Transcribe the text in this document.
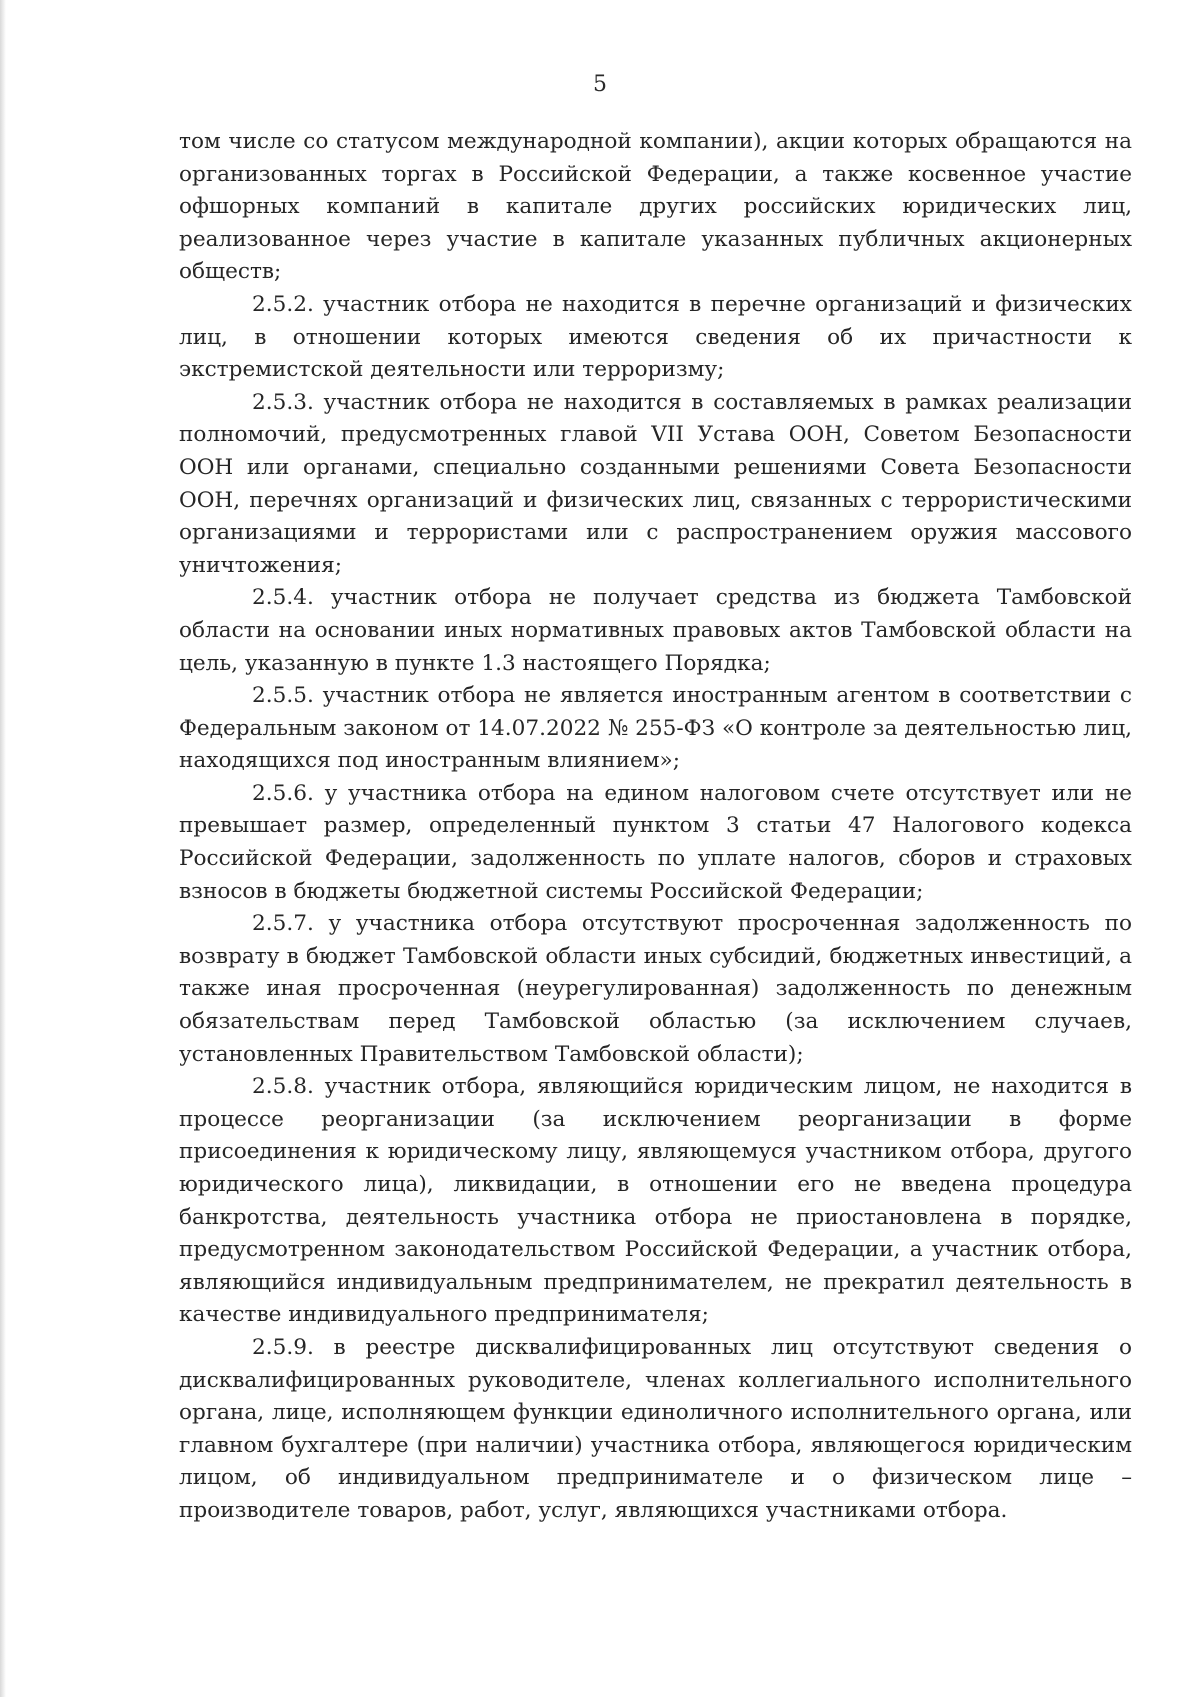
5

том числе со статусом международной компании), акции которых обращаются на организованных торгах в Российской Федерации, а также косвенное участие офшорных компаний в капитале других российских юридических лиц, реализованное через участие в капитале указанных публичных акционерных обществ;

2.5.2. участник отбора не находится в перечне организаций и физических лиц, в отношении которых имеются сведения об их причастности к экстремистской деятельности или терроризму;

2.5.3. участник отбора не находится в составляемых в рамках реализации полномочий, предусмотренных главой VII Устава ООН, Советом Безопасности ООН или органами, специально созданными решениями Совета Безопасности ООН, перечнях организаций и физических лиц, связанных с террористическими организациями и террористами или с распространением оружия массового уничтожения;

2.5.4. участник отбора не получает средства из бюджета Тамбовской области на основании иных нормативных правовых актов Тамбовской области на цель, указанную в пункте 1.3 настоящего Порядка;

2.5.5. участник отбора не является иностранным агентом в соответствии с Федеральным законом от 14.07.2022 № 255-ФЗ «О контроле за деятельностью лиц, находящихся под иностранным влиянием»;

2.5.6. у участника отбора на едином налоговом счете отсутствует или не превышает размер, определенный пунктом 3 статьи 47 Налогового кодекса Российской Федерации, задолженность по уплате налогов, сборов и страховых взносов в бюджеты бюджетной системы Российской Федерации;

2.5.7. у участника отбора отсутствуют просроченная задолженность по возврату в бюджет Тамбовской области иных субсидий, бюджетных инвестиций, а также иная просроченная (неурегулированная) задолженность по денежным обязательствам перед Тамбовской областью (за исключением случаев, установленных Правительством Тамбовской области);

2.5.8. участник отбора, являющийся юридическим лицом, не находится в процессе реорганизации (за исключением реорганизации в форме присоединения к юридическому лицу, являющемуся участником отбора, другого юридического лица), ликвидации, в отношении его не введена процедура банкротства, деятельность участника отбора не приостановлена в порядке, предусмотренном законодательством Российской Федерации, а участник отбора, являющийся индивидуальным предпринимателем, не прекратил деятельность в качестве индивидуального предпринимателя;

2.5.9. в реестре дисквалифицированных лиц отсутствуют сведения о дисквалифицированных руководителе, членах коллегиального исполнительного органа, лице, исполняющем функции единоличного исполнительного органа, или главном бухгалтере (при наличии) участника отбора, являющегося юридическим лицом, об индивидуальном предпринимателе и о физическом лице – производителе товаров, работ, услуг, являющихся участниками отбора.
